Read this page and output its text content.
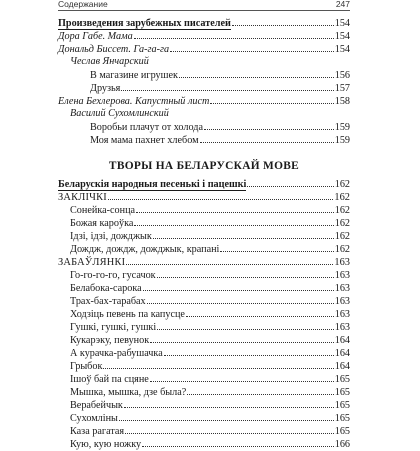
Содержание	247
Произведения зарубежных писателей	154
Дора Габе. Мама	154
Дональд Биссет. Га-га-га	154
Чеслав Янчарский
В магазине игрушек	156
Друзья	157
Елена Бехлерова. Капустный лист	158
Василий Сухомлинский
Воробьи плачут от холода	159
Моя мама пахнет хлебом	159
ТВОРЫ НА БЕЛАРУСКАЙ МОВЕ
Беларускія народныя песенькі і пацешкі	162
ЗАКЛІЧКІ	162
Сонейка-сонца	162
Божая кароўка	162
Ідзі, ідзі, дожджык	162
Дождж, дождж, дожджык, крапані	162
ЗАБАЎЛЯНКІ	163
Го-го-го-го, гусачок	163
Белабока-сарока	163
Трах-бах-тарабах	163
Ходзіць певень па капусце	163
Гушкі, гушкі, гушкі	163
Кукарэку, певунок	164
А курачка-рабушачка	164
Грыбок	164
Ішоў бай па сцяне	165
Мышка, мышка, дзе была?	165
Верабейчык	165
Сухомліны	165
Каза рагатая	165
Кую, кую ножку	166
